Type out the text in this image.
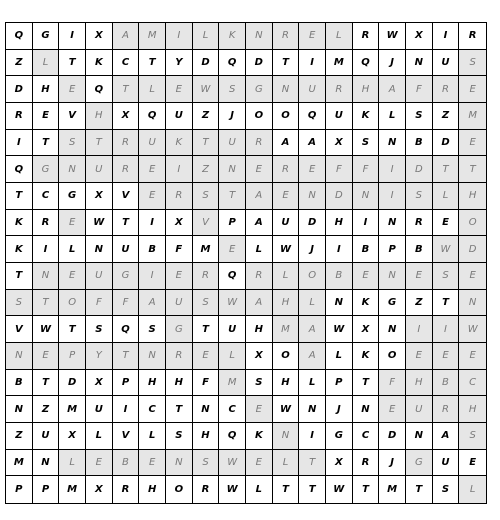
Q	G	I	X	A	M	I	L	K	N	R	E	L	R	W	X	I	R
Z	L	T	K	C	T	Y	D	Q	D	T	I	M	Q	J	N	U	S
D	H	E	Q	T	L	E	W	S	G	N	U	R	H	A	F	R	E
R	E	V	H	X	Q	U	Z	J	O	O	Q	U	K	L	S	Z	M
I	T	S	T	R	U	K	T	U	R	A	A	X	S	N	B	D	E
Q	G	N	U	R	E	I	Z	N	E	R	E	F	F	I	D	T	T
T	C	G	X	V	E	R	S	T	A	E	N	D	N	I	S	L	H
K	R	E	W	T	I	X	V	P	A	U	D	H	I	N	R	E	O
K	I	L	N	U	B	F	M	E	L	W	J	I	B	P	B	W	D
T	N	E	U	G	I	E	R	Q	R	L	O	B	E	N	E	S	E
S	T	O	F	F	A	U	S	W	A	H	L	N	K	G	Z	T	N
V	W	T	S	Q	S	G	T	U	H	M	A	W	X	N	I	I	W
N	E	P	Y	T	N	R	E	L	X	O	A	L	K	O	E	E	E
B	T	D	X	P	H	H	F	M	S	H	L	P	T	F	H	B	C
N	Z	M	U	I	C	T	N	C	E	W	N	J	N	E	U	R	H
Z	U	X	L	V	L	S	H	Q	K	N	I	G	C	D	N	A	S
M	N	L	E	B	E	N	S	W	E	L	T	X	R	J	G	U	E
P	P	M	X	R	H	O	R	W	L	T	T	W	T	M	T	S	L
